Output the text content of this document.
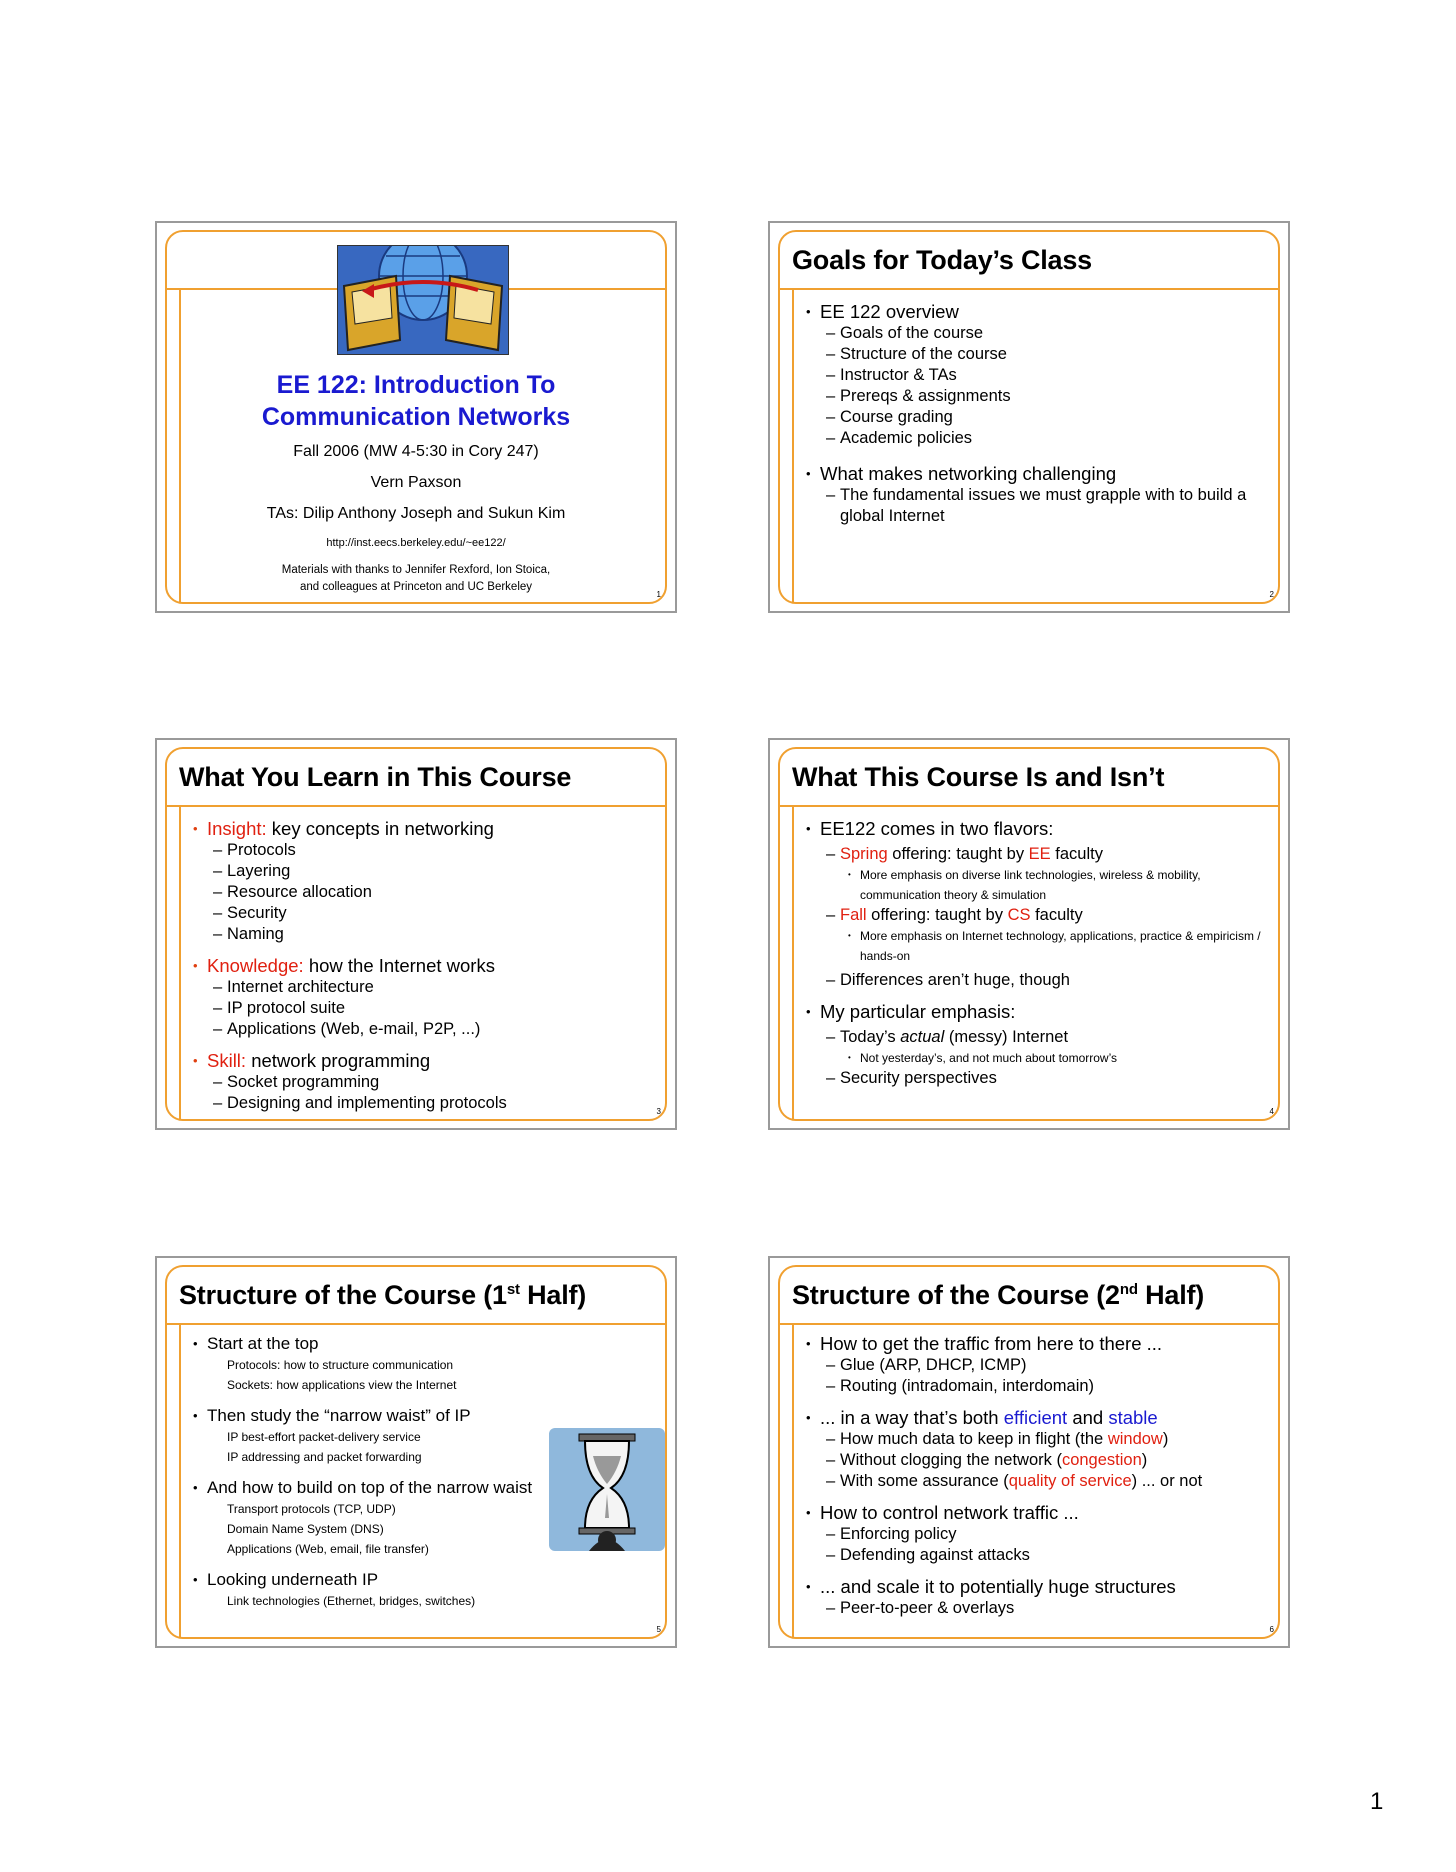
EE 122: Introduction To
Communication Networks
Fall 2006 (MW 4-5:30 in Cory 247)
Vern Paxson
TAs: Dilip Anthony Joseph and Sukun Kim
http://inst.eecs.berkeley.edu/~ee122/
Materials with thanks to Jennifer Rexford, Ion Stoica,
and colleagues at Princeton and UC Berkeley
1
Goals for Today’s Class
• EE 122 overview
– Goals of the course
– Structure of the course
– Instructor & TAs
– Prereqs & assignments
– Course grading
– Academic policies
• What makes networking challenging
– The fundamental issues we must grapple with to build a global Internet
2
What You Learn in This Course
• Insight: key concepts in networking
– Protocols
– Layering
– Resource allocation
– Security
– Naming
• Knowledge: how the Internet works
– Internet architecture
– IP protocol suite
– Applications (Web, e-mail, P2P, ...)
• Skill: network programming
– Socket programming
– Designing and implementing protocols	3
What This Course Is and Isn’t
• EE122 comes in two flavors:
– Spring offering: taught by EE faculty
• More emphasis on diverse link technologies, wireless & mobility, communication theory & simulation
– Fall offering: taught by CS faculty
• More emphasis on Internet technology, applications, practice & empiricism / hands-on
– Differences aren’t huge, though
• My particular emphasis:
– Today’s actual (messy) Internet
• Not yesterday’s, and not much about tomorrow’s
– Security perspectives
4
Structure of the Course (1st Half)
• Start at the top
Protocols: how to structure communication
Sockets: how applications view the Internet
• Then study the “narrow waist” of IP
IP best-effort packet-delivery service
IP addressing and packet forwarding
• And how to build on top of the narrow waist
Transport protocols (TCP, UDP)
Domain Name System (DNS)
Applications (Web, email, file transfer)
• Looking underneath IP
Link technologies (Ethernet, bridges, switches)
5
Structure of the Course (2nd Half)
• How to get the traffic from here to there ...
– Glue (ARP, DHCP, ICMP)
– Routing (intradomain, interdomain)
• ... in a way that’s both efficient and stable
– How much data to keep in flight (the window)
– Without clogging the network (congestion)
– With some assurance (quality of service) ... or not
• How to control network traffic ...
– Enforcing policy
– Defending against attacks
• ... and scale it to potentially huge structures
– Peer-to-peer & overlays
6
1
